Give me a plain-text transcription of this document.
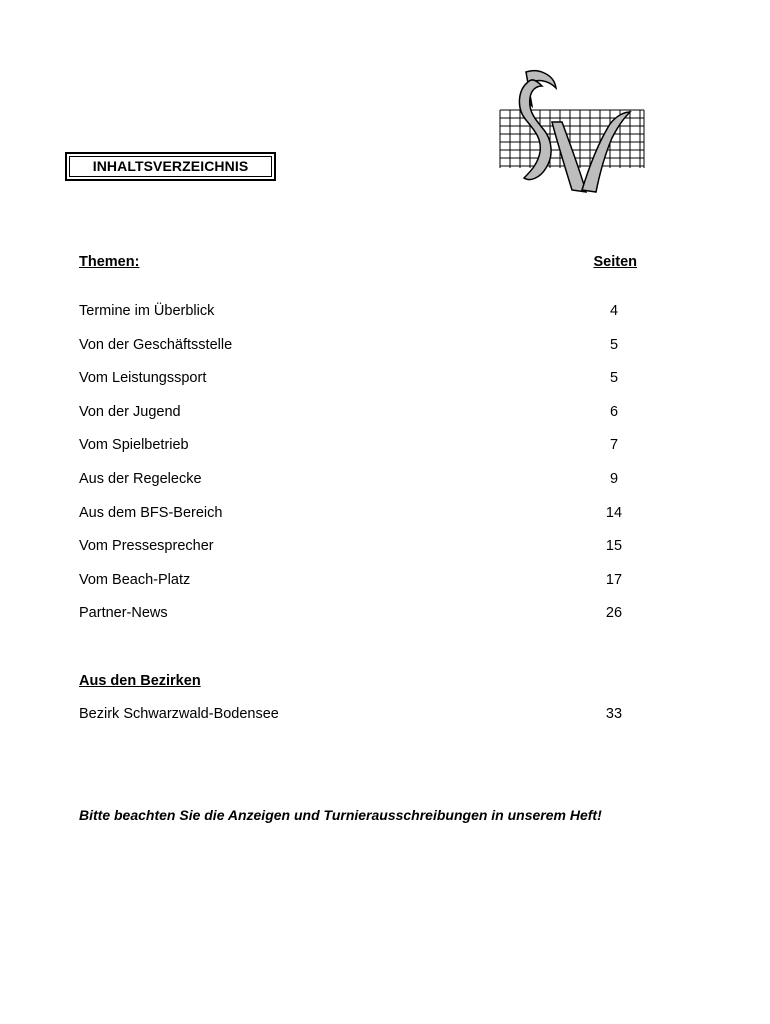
INHALTSVERZEICHNIS
Themen:	Seiten
Termine im Überblick	4
Von der Geschäftsstelle	5
Vom Leistungssport	5
Von der Jugend	6
Vom Spielbetrieb	7
Aus der Regelecke	9
Aus dem BFS-Bereich	14
Vom Pressesprecher	15
Vom Beach-Platz	17
Partner-News	26
Aus den Bezirken
Bezirk Schwarzwald-Bodensee	33
Bitte beachten Sie die Anzeigen und Turnierausschreibungen in unserem Heft!
